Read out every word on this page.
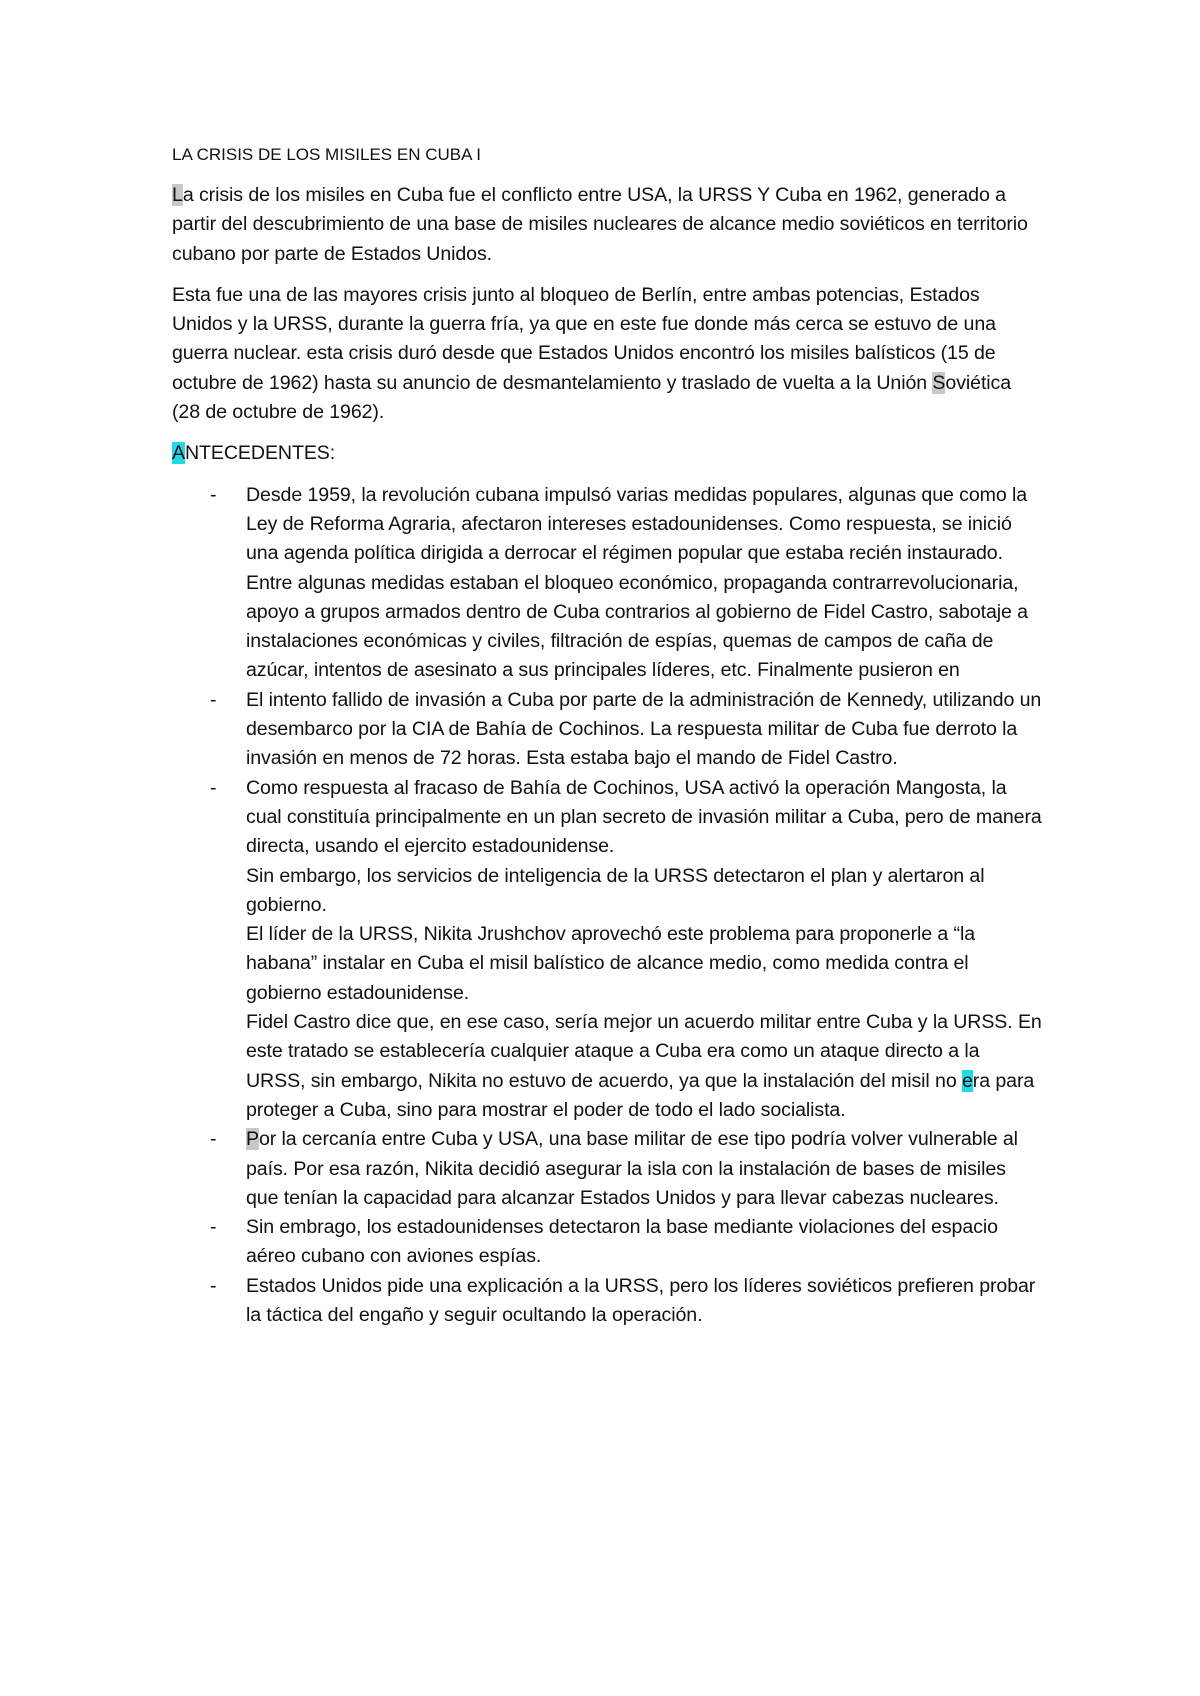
LA CRISIS DE LOS MISILES EN CUBA I

La crisis de los misiles en Cuba fue el conflicto entre USA, la URSS Y Cuba en 1962, generado a partir del descubrimiento de una base de misiles nucleares de alcance medio soviéticos en territorio cubano por parte de Estados Unidos.

Esta fue una de las mayores crisis junto al bloqueo de Berlín, entre ambas potencias, Estados Unidos y la URSS, durante la guerra fría, ya que en este fue donde más cerca se estuvo de una guerra nuclear. esta crisis duró desde que Estados Unidos encontró los misiles balísticos (15 de octubre de 1962) hasta su anuncio de desmantelamiento y traslado de vuelta a la Unión Soviética (28 de octubre de 1962).

ANTECEDENTES:

- Desde 1959, la revolución cubana impulsó varias medidas populares, algunas que como la Ley de Reforma Agraria, afectaron intereses estadounidenses. Como respuesta, se inició una agenda política dirigida a derrocar el régimen popular que estaba recién instaurado. Entre algunas medidas estaban el bloqueo económico, propaganda contrarrevolucionaria, apoyo a grupos armados dentro de Cuba contrarios al gobierno de Fidel Castro, sabotaje a instalaciones económicas y civiles, filtración de espías, quemas de campos de caña de azúcar, intentos de asesinato a sus principales líderes, etc. Finalmente pusieron en
- El intento fallido de invasión a Cuba por parte de la administración de Kennedy, utilizando un desembarco por la CIA de Bahía de Cochinos. La respuesta militar de Cuba fue derroto la invasión en menos de 72 horas. Esta estaba bajo el mando de Fidel Castro.
- Como respuesta al fracaso de Bahía de Cochinos, USA activó la operación Mangosta, la cual constituía principalmente en un plan secreto de invasión militar a Cuba, pero de manera directa, usando el ejercito estadounidense.
Sin embargo, los servicios de inteligencia de la URSS detectaron el plan y alertaron al gobierno.
El líder de la URSS, Nikita Jrushchov aprovechó este problema para proponerle a “la habana” instalar en Cuba el misil balístico de alcance medio, como medida contra el gobierno estadounidense.
Fidel Castro dice que, en ese caso, sería mejor un acuerdo militar entre Cuba y la URSS. En este tratado se establecería cualquier ataque a Cuba era como un ataque directo a la URSS, sin embargo, Nikita no estuvo de acuerdo, ya que la instalación del misil no era para proteger a Cuba, sino para mostrar el poder de todo el lado socialista.
- Por la cercanía entre Cuba y USA, una base militar de ese tipo podría volver vulnerable al país. Por esa razón, Nikita decidió asegurar la isla con la instalación de bases de misiles que tenían la capacidad para alcanzar Estados Unidos y para llevar cabezas nucleares.
- Sin embrago, los estadounidenses detectaron la base mediante violaciones del espacio aéreo cubano con aviones espías.
- Estados Unidos pide una explicación a la URSS, pero los líderes soviéticos prefieren probar la táctica del engaño y seguir ocultando la operación.
